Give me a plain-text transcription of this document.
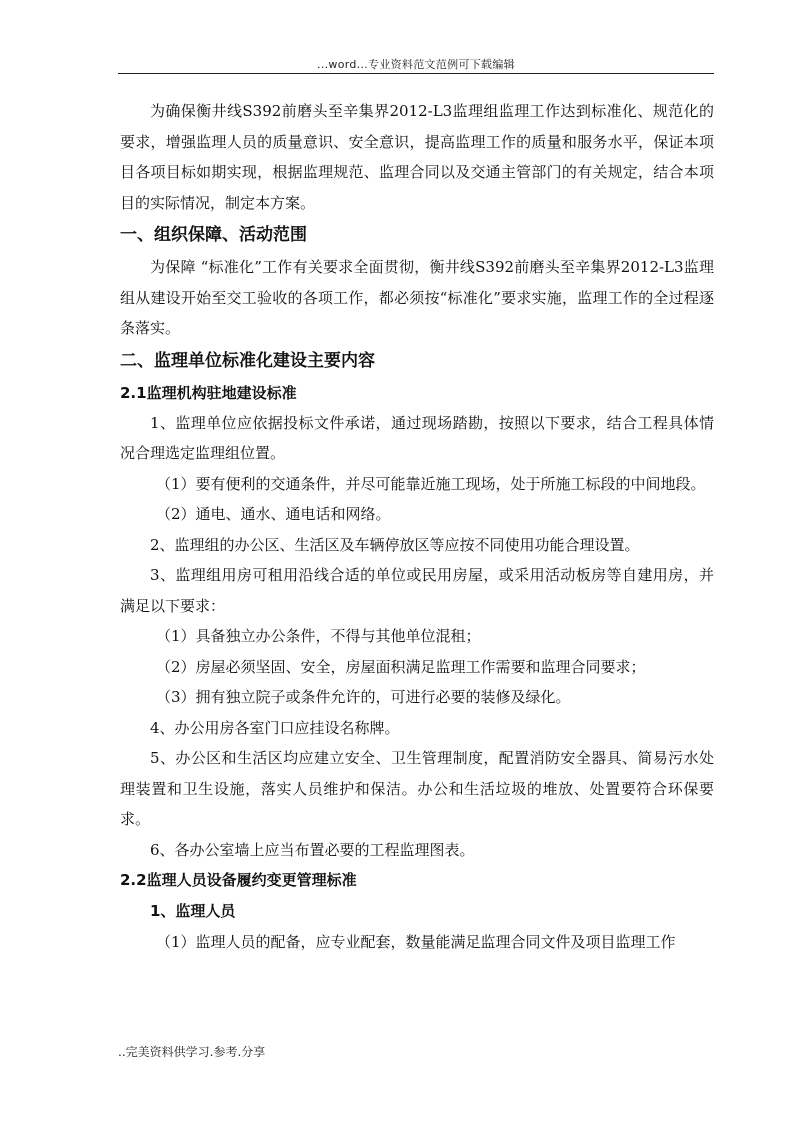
...word...专业资料范文范例可下载编辑

为确保衡井线S392前磨头至辛集界2012-L3监理组监理工作达到标准化、规范化的要求，增强监理人员的质量意识、安全意识，提高监理工作的质量和服务水平，保证本项目各项目标如期实现，根据监理规范、监理合同以及交通主管部门的有关规定，结合本项目的实际情况，制定本方案。

一、组织保障、活动范围

为保障 “标准化”工作有关要求全面贯彻，衡井线S392前磨头至辛集界2012-L3监理组从建设开始至交工验收的各项工作，都必须按“标准化”要求实施，监理工作的全过程逐条落实。

二、监理单位标准化建设主要内容

2.1监理机构驻地建设标准

1、监理单位应依据投标文件承诺，通过现场踏勘，按照以下要求，结合工程具体情况合理选定监理组位置。

（1）要有便利的交通条件，并尽可能靠近施工现场，处于所施工标段的中间地段。

（2）通电、通水、通电话和网络。

2、监理组的办公区、生活区及车辆停放区等应按不同使用功能合理设置。

3、监理组用房可租用沿线合适的单位或民用房屋，或采用活动板房等自建用房，并满足以下要求：

（1）具备独立办公条件，不得与其他单位混租；

（2）房屋必须坚固、安全，房屋面积满足监理工作需要和监理合同要求；

（3）拥有独立院子或条件允许的，可进行必要的装修及绿化。

4、办公用房各室门口应挂设名称牌。

5、办公区和生活区均应建立安全、卫生管理制度，配置消防安全器具、简易污水处理装置和卫生设施，落实人员维护和保洁。办公和生活垃圾的堆放、处置要符合环保要求。

6、各办公室墙上应当布置必要的工程监理图表。

2.2监理人员设备履约变更管理标准

1、监理人员

（1）监理人员的配备，应专业配套，数量能满足监理合同文件及项目监理工作

..完美资料供学习.参考.分享
